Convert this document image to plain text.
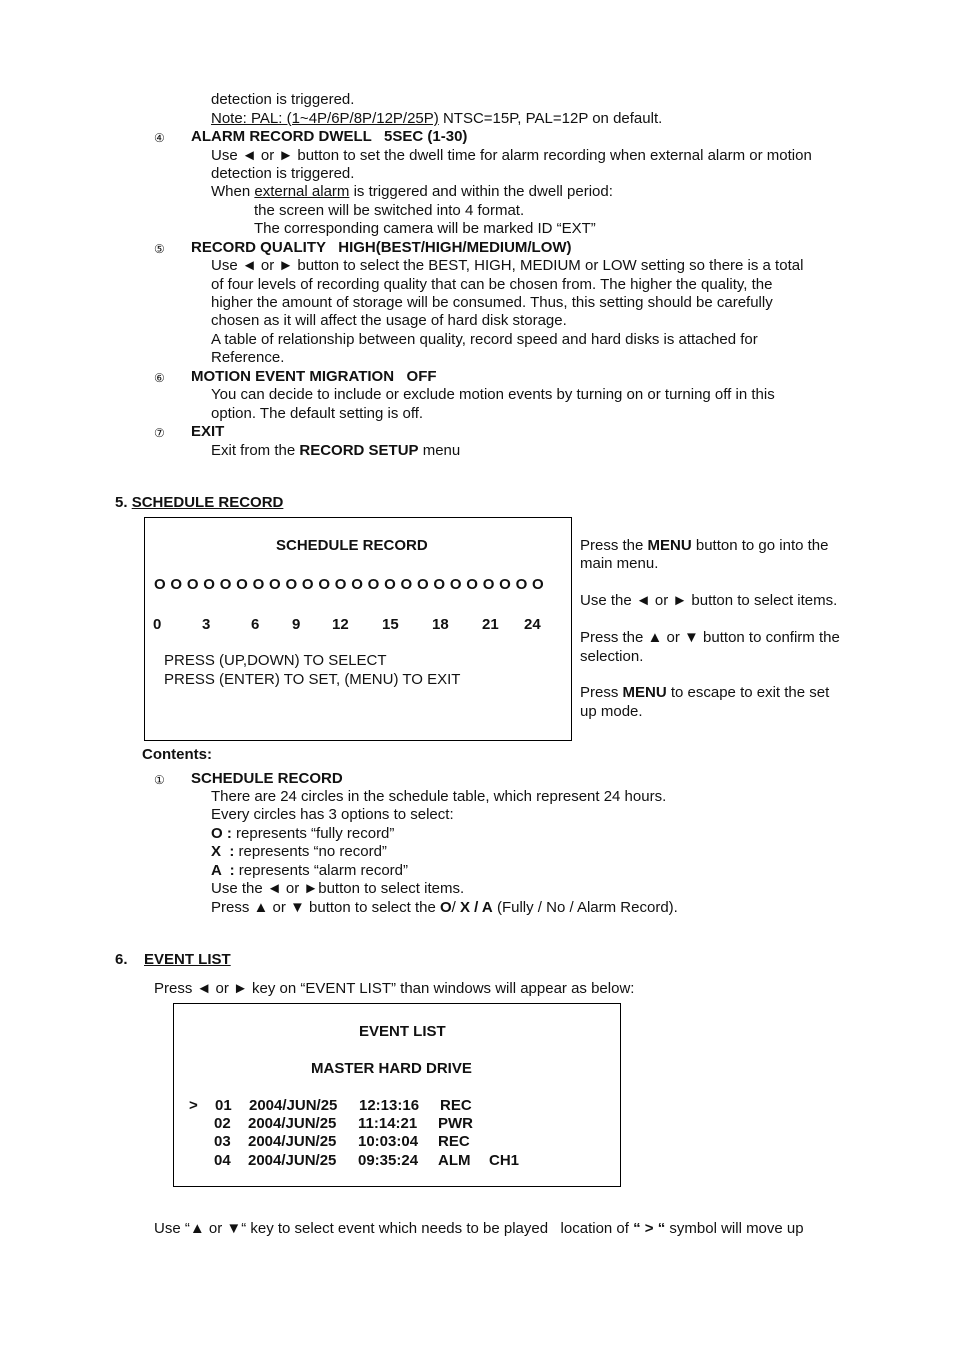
detection is triggered.
Note: PAL: (1~4P/6P/8P/12P/25P) NTSC=15P, PAL=12P on default.
④ ALARM RECORD DWELL   5SEC (1-30)
Use ◄ or ► button to set the dwell time for alarm recording when external alarm or motion
detection is triggered.
When external alarm is triggered and within the dwell period:
the screen will be switched into 4 format.
The corresponding camera will be marked ID “EXT”
⑤ RECORD QUALITY   HIGH(BEST/HIGH/MEDIUM/LOW)
Use ◄ or ► button to select the BEST, HIGH, MEDIUM or LOW setting so there is a total
of four levels of recording quality that can be chosen from. The higher the quality, the
higher the amount of storage will be consumed. Thus, this setting should be carefully
chosen as it will affect the usage of hard disk storage.
A table of relationship between quality, record speed and hard disks is attached for
Reference.
⑥ MOTION EVENT MIGRATION   OFF
You can decide to include or exclude motion events by turning on or turning off in this
option. The default setting is off.
⑦ EXIT
Exit from the RECORD SETUP menu
5. SCHEDULE RECORD
SCHEDULE RECORD
O O O O O O O O O O O O O O O O O O O O O O O O
0	3	6 9 12 15 18 21 24
PRESS (UP,DOWN) TO SELECT
PRESS (ENTER) TO SET, (MENU) TO EXIT
Press the MENU button to go into the
main menu.
Use the ◄ or ► button to select items.
Press the ▲ or ▼ button to confirm the
selection.
Press MENU to escape to exit the set
up mode.
Contents:
① SCHEDULE RECORD
There are 24 circles in the schedule table, which represent 24 hours.
Every circles has 3 options to select:
O : represents “fully record”
X  : represents “no record”
A  : represents “alarm record”
Use the ◄ or ►button to select items.
Press ▲ or ▼ button to select the O/ X / A (Fully / No / Alarm Record).
6. EVENT LIST
Press ◄ or ► key on “EVENT LIST” than windows will appear as below:
EVENT LIST
MASTER HARD DRIVE
> 01 2004/JUN/25 12:13:16 REC
02 2004/JUN/25 11:14:21 PWR
03 2004/JUN/25 10:03:04 REC
04 2004/JUN/25 09:35:24 ALM CH1
Use “▲ or ▼“ key to select event which needs to be played   location of “ > “ symbol will move up
